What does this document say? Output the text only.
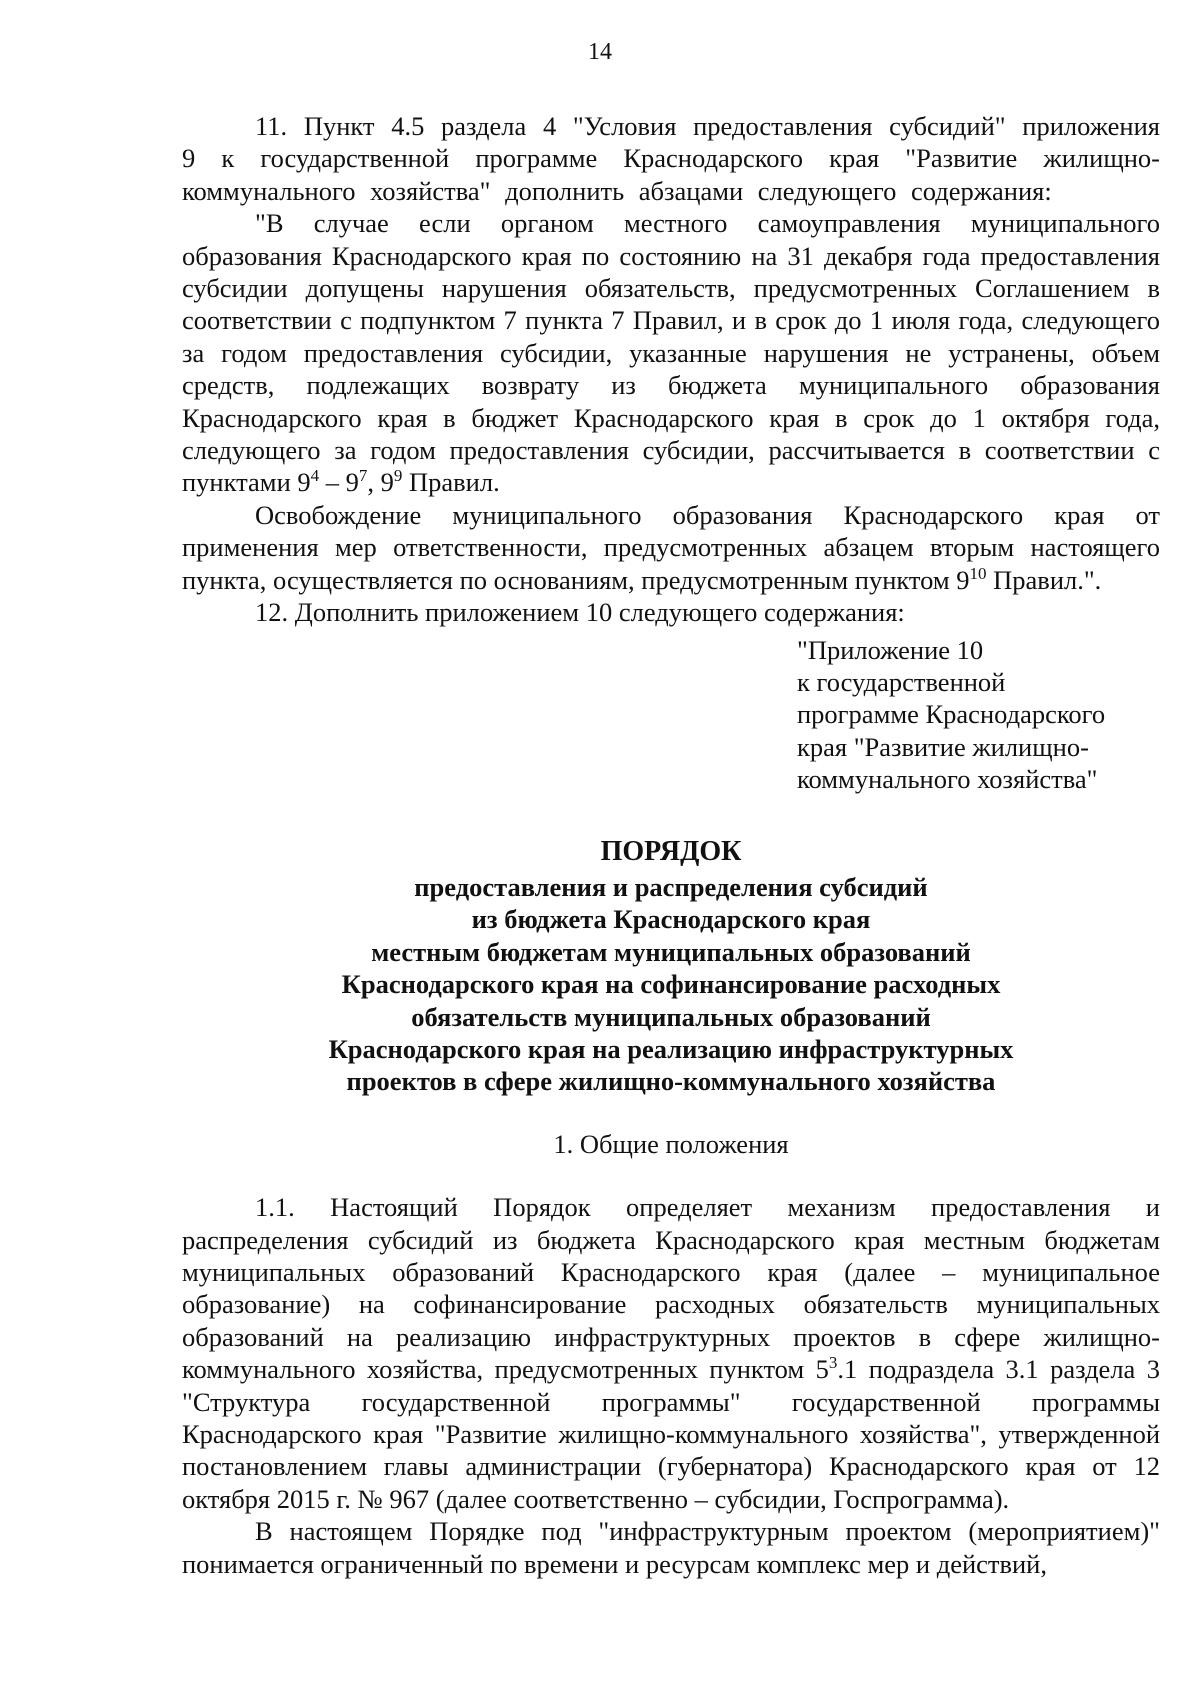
14

11. Пункт 4.5 раздела 4 "Условия предоставления субсидий" приложения 9 к государственной программе Краснодарского края "Развитие жилищно-коммунального хозяйства" дополнить абзацами следующего содержания:

"В случае если органом местного самоуправления муниципального образования Краснодарского края по состоянию на 31 декабря года предоставления субсидии допущены нарушения обязательств, предусмотренных Соглашением в соответствии с подпунктом 7 пункта 7 Правил, и в срок до 1 июля года, следующего за годом предоставления субсидии, указанные нарушения не устранены, объем средств, подлежащих возврату из бюджета муниципального образования Краснодарского края в бюджет Краснодарского края в срок до 1 октября года, следующего за годом предоставления субсидии, рассчитывается в соответствии с пунктами $9^4 - 9^7$, $9^9$ Правил.

Освобождение муниципального образования Краснодарского края от применения мер ответственности, предусмотренных абзацем вторым настоящего пункта, осуществляется по основаниям, предусмотренным пунктом $9^{10}$ Правил.".

12. Дополнить приложением 10 следующего содержания:

"Приложение 10
к государственной
программе Краснодарского
края "Развитие жилищно-
коммунального хозяйства"
ПОРЯДОК
предоставления и распределения субсидий
из бюджета Краснодарского края
местным бюджетам муниципальных образований
Краснодарского края на софинансирование расходных
обязательств муниципальных образований
Краснодарского края на реализацию инфраструктурных
проектов в сфере жилищно-коммунального хозяйства
1. Общие положения

1.1. Настоящий Порядок определяет механизм предоставления и распределения субсидий из бюджета Краснодарского края местным бюджетам муниципальных образований Краснодарского края (далее – муниципальное образование) на софинансирование расходных обязательств муниципальных образований на реализацию инфраструктурных проектов в сфере жилищно-коммунального хозяйства, предусмотренных пунктом $5^3.1$ подраздела 3.1 раздела 3 "Структура государственной программы" государственной программы Краснодарского края "Развитие жилищно-коммунального хозяйства", утвержденной постановлением главы администрации (губернатора) Краснодарского края от 12 октября 2015 г. № 967 (далее соответственно – субсидии, Госпрограмма).

В настоящем Порядке под "инфраструктурным проектом (мероприятием)" понимается ограниченный по времени и ресурсам комплекс мер и действий,
